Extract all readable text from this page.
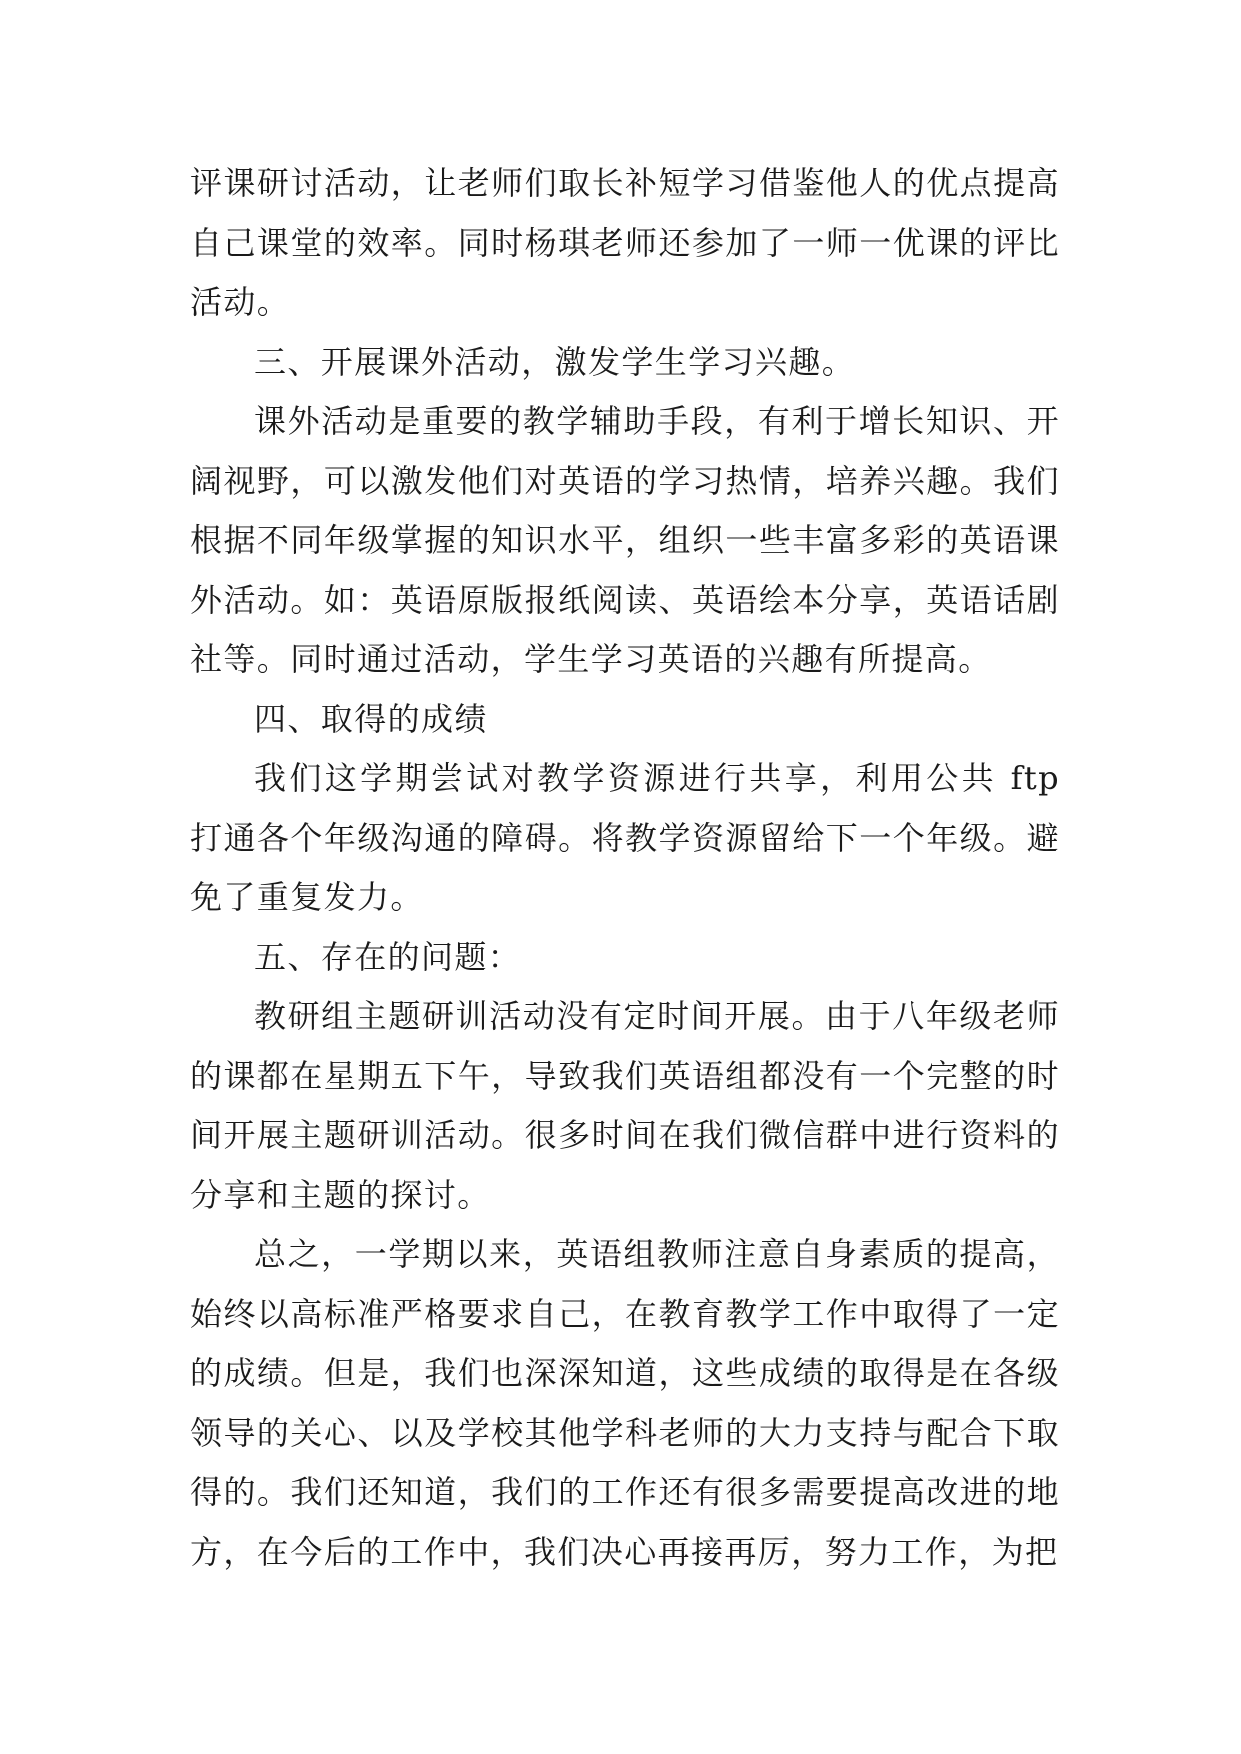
评课研讨活动，让老师们取长补短学习借鉴他人的优点提高自己课堂的效率。同时杨琪老师还参加了一师一优课的评比活动。

三、开展课外活动，激发学生学习兴趣。

课外活动是重要的教学辅助手段，有利于增长知识、开阔视野，可以激发他们对英语的学习热情，培养兴趣。我们根据不同年级掌握的知识水平，组织一些丰富多彩的英语课外活动。如：英语原版报纸阅读、英语绘本分享，英语话剧社等。同时通过活动，学生学习英语的兴趣有所提高。

四、取得的成绩

我们这学期尝试对教学资源进行共享，利用公共 ftp 打通各个年级沟通的障碍。将教学资源留给下一个年级。避免了重复发力。

五、存在的问题：

教研组主题研训活动没有定时间开展。由于八年级老师的课都在星期五下午，导致我们英语组都没有一个完整的时间开展主题研训活动。很多时间在我们微信群中进行资料的分享和主题的探讨。

总之，一学期以来，英语组教师注意自身素质的提高，始终以高标准严格要求自己，在教育教学工作中取得了一定的成绩。但是，我们也深深知道，这些成绩的取得是在各级领导的关心、以及学校其他学科老师的大力支持与配合下取得的。我们还知道，我们的工作还有很多需要提高改进的地方，在今后的工作中，我们决心再接再厉，努力工作，为把
